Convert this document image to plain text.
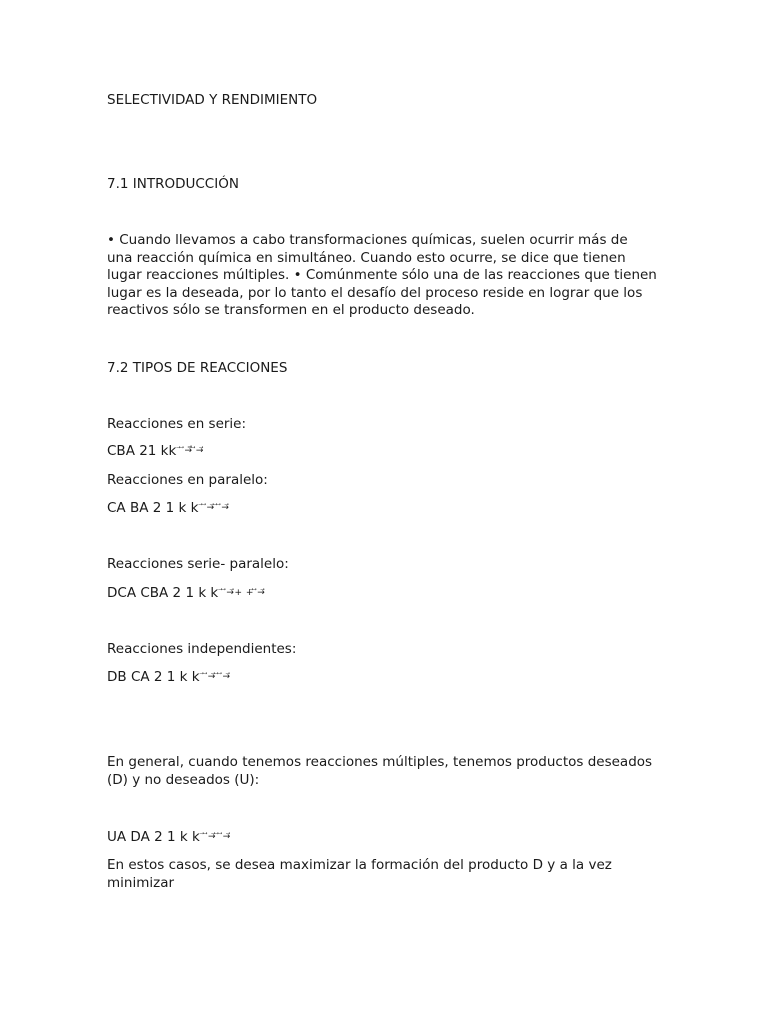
SELECTIVIDAD Y RENDIMIENTO
7.1 INTRODUCCIÓN
• Cuando llevamos a cabo transformaciones químicas, suelen ocurrir más de una reacción química en simultáneo. Cuando esto ocurre, se dice que tienen lugar reacciones múltiples. • Comúnmente sólo una de las reacciones que tienen lugar es la deseada, por lo tanto el desafío del proceso reside en lograr que los reactivos sólo se transformen en el producto deseado.
7.2 TIPOS DE REACCIONES
Reacciones en serie:
CBA 21 kk ⃗ ⃗→⃗⃗ ⃗→⃗
Reacciones en paralelo:
CA BA 2 1 k k ⃗ ⃗→⃗ ⃗ ⃗→⃗
Reacciones serie- paralelo:
DCA CBA 2 1 k k ⃗ ⃗→⃗+ +⃗ ⃗→⃗
Reacciones independientes:
DB CA 2 1 k k ⃗ ⃗→⃗ ⃗ ⃗→⃗
En general, cuando tenemos reacciones múltiples, tenemos productos deseados (D) y no deseados (U):
UA DA 2 1 k k ⃗ ⃗→⃗ ⃗ ⃗→⃗
En estos casos, se desea maximizar la formación del producto D y a la vez minimizar
